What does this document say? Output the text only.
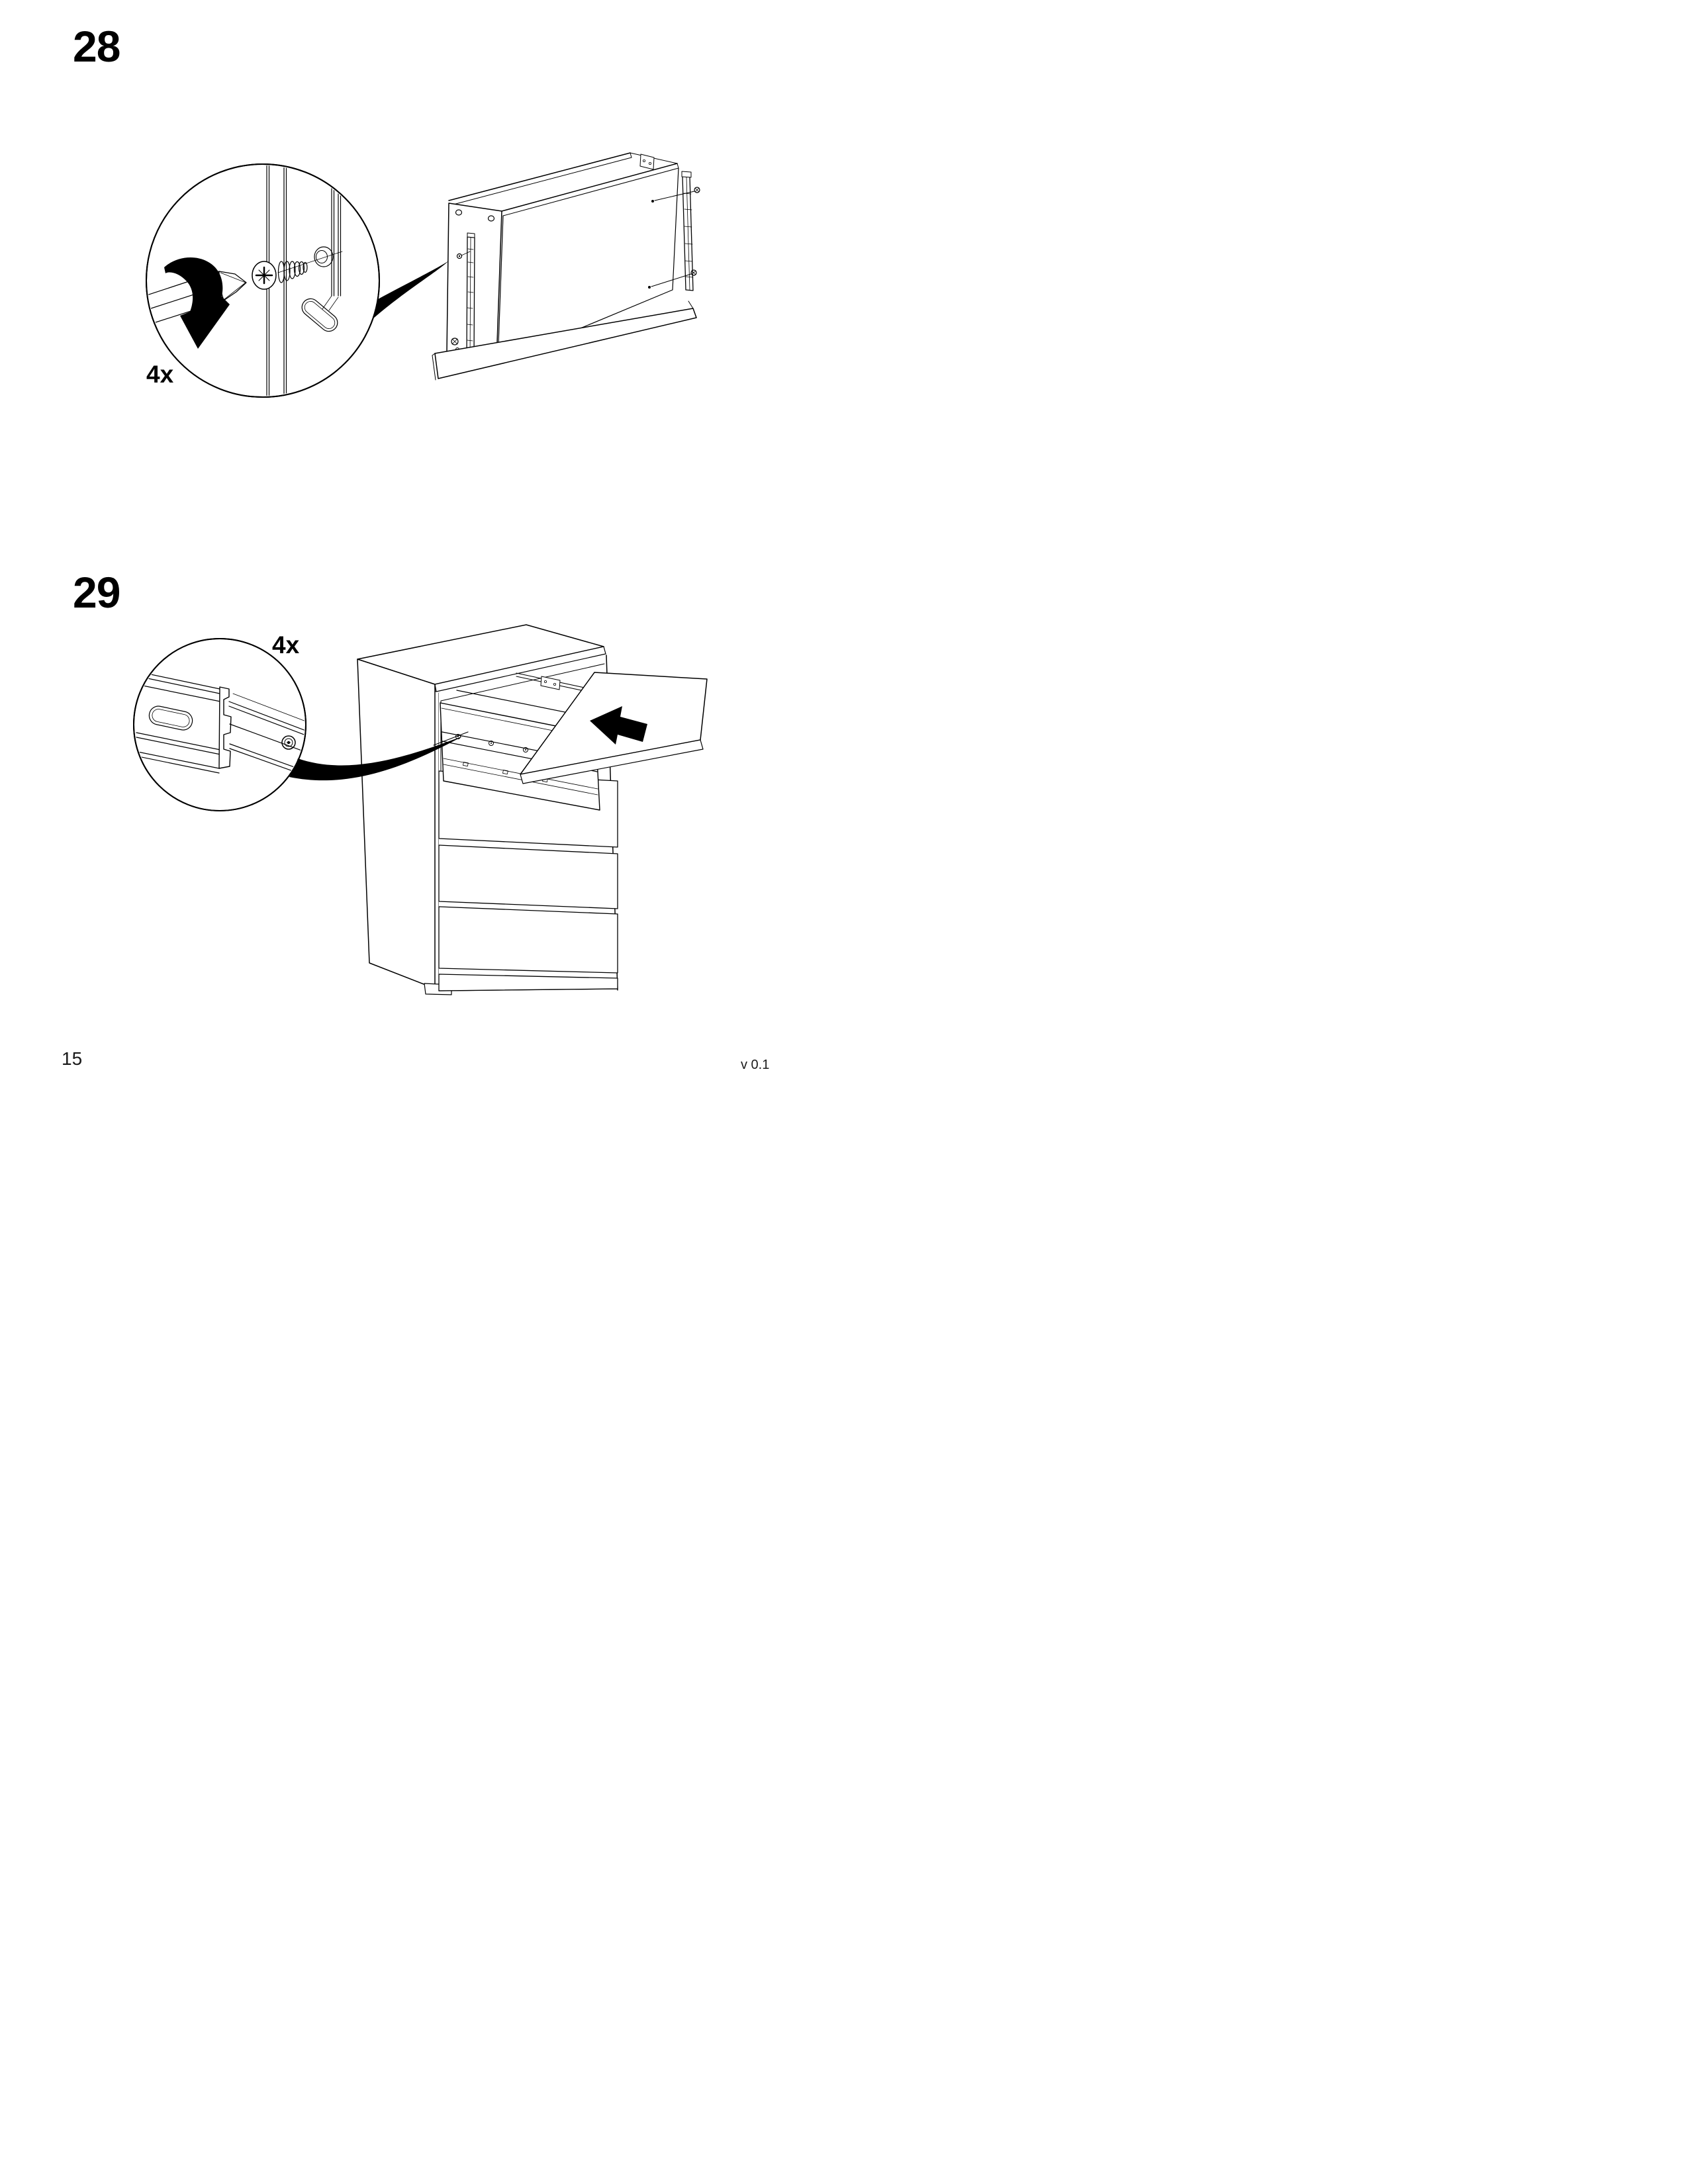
28
29
4x
4x
15	v 0.1
